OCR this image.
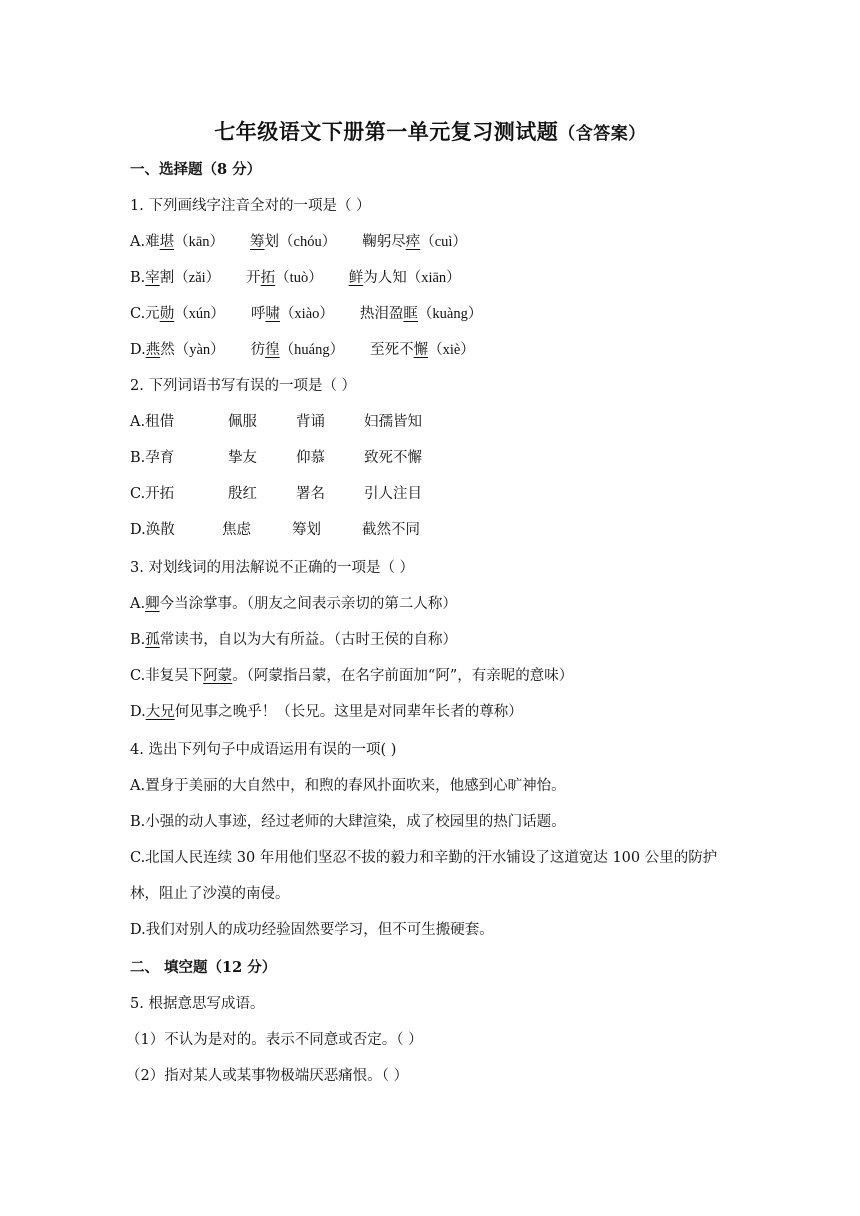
七年级语文下册第一单元复习测试题（含答案）
一、选择题（8 分）
1. 下列画线字注音全对的一项是（ ）
A.难堪（kān） 筹划（chóu） 鞠躬尽瘁（cuì）
B.宰割（zǎi） 开拓（tuò） 鲜为人知（xiān）
C.元勋（xún） 呼啸（xiào） 热泪盈眶（kuàng）
D.燕然（yàn） 彷徨（huáng） 至死不懈（xiè）
2. 下列词语书写有误的一项是（ ）
A.租借	佩服	背诵	妇孺皆知
B.孕育	挚友	仰慕	致死不懈
C.开拓	殷红	署名	引人注目
D.涣散	焦虑	筹划	截然不同
3. 对划线词的用法解说不正确的一项是（ ）
A.卿今当涂掌事。（朋友之间表示亲切的第二人称）
B.孤常读书，自以为大有所益。（古时王侯的自称）
C.非复吴下阿蒙。（阿蒙指吕蒙，在名字前面加“阿”，有亲昵的意味）
D.大兄何见事之晚乎！（长兄。这里是对同辈年长者的尊称）
4. 选出下列句子中成语运用有误的一项( )
A.置身于美丽的大自然中，和煦的春风扑面吹来，他感到心旷神怡。
B.小强的动人事迹，经过老师的大肆渲染，成了校园里的热门话题。
C.北国人民连续 30 年用他们坚忍不拔的毅力和辛勤的汗水铺设了这道宽达 100 公里的防护
林，阻止了沙漠的南侵。
D.我们对别人的成功经验固然要学习，但不可生搬硬套。
二、 填空题（12 分）
5. 根据意思写成语。
（1）不认为是对的。表示不同意或否定。（ ）
（2）指对某人或某事物极端厌恶痛恨。（ ）
